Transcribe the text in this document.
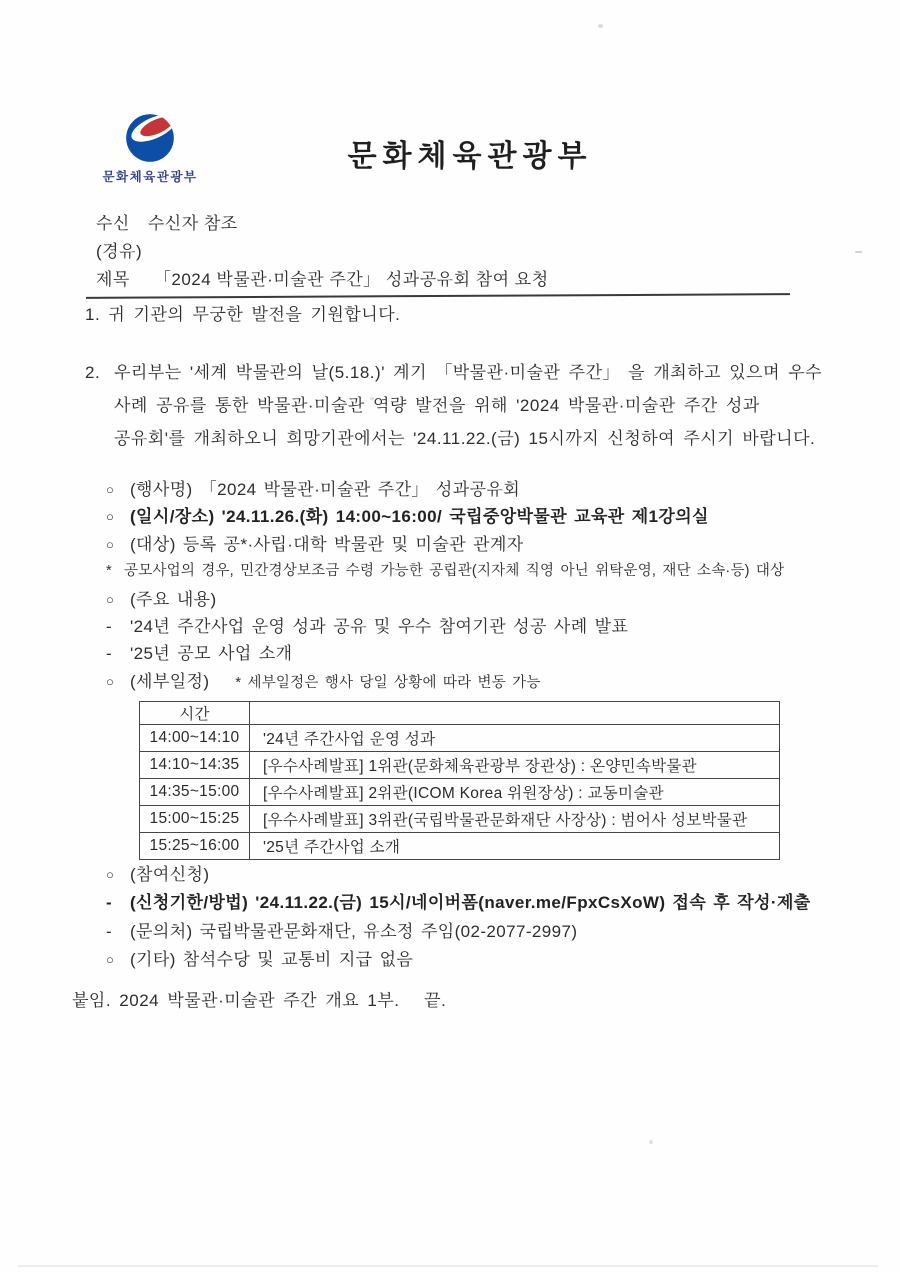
문화체육관광부
문화체육관광부
수신 수신자 참조
(경유)
제목 「2024 박물관·미술관 주간」 성과공유회 참여 요청

1. 귀 기관의 무궁한 발전을 기원합니다.

2. 우리부는 '세계 박물관의 날(5.18.)' 계기 「박물관·미술관 주간」 을 개최하고 있으며 우수
사례 공유를 통한 박물관·미술관 역량 발전을 위해 '2024 박물관·미술관 주간 성과
공유회'를 개최하오니 희망기관에서는 '24.11.22.(금) 15시까지 신청하여 주시기 바랍니다.
○ (행사명) 「2024 박물관·미술관 주간」 성과공유회
○ (일시/장소) '24.11.26.(화) 14:00~16:00/ 국립중앙박물관 교육관 제1강의실
○ (대상) 등록 공*·사립·대학 박물관 및 미술관 관계자
* 공모사업의 경우, 민간경상보조금 수령 가능한 공립관(지자체 직영 아닌 위탁운영, 재단 소속·등) 대상
○ (주요 내용)
-	'24년 주간사업 운영 성과 공유 및 우수 참여기관 성공 사례 발표
-	'25년 공모 사업 소개
○ (세부일정) * 세부일정은 행사 당일 상황에 따라 변동 가능
시간	
14:00~14:10	'24년 주간사업 운영 성과
14:10~14:35	[우수사례발표] 1위관(문화체육관광부 장관상) : 온양민속박물관
14:35~15:00	[우수사례발표] 2위관(ICOM Korea 위원장상) : 교동미술관
15:00~15:25	[우수사례발표] 3위관(국립박물관문화재단 사장상) : 범어사 성보박물관
15:25~16:00	'25년 주간사업 소개
○ (참여신청)
-	(신청기한/방법) '24.11.22.(금) 15시/네이버폼(naver.me/FpxCsXoW) 접속 후 작성·제출
-	(문의처) 국립박물관문화재단, 유소정 주임(02-2077-2997)
○ (기타) 참석수당 및 교통비 지급 없음

붙임. 2024 박물관·미술관 주간 개요 1부.   끝.
